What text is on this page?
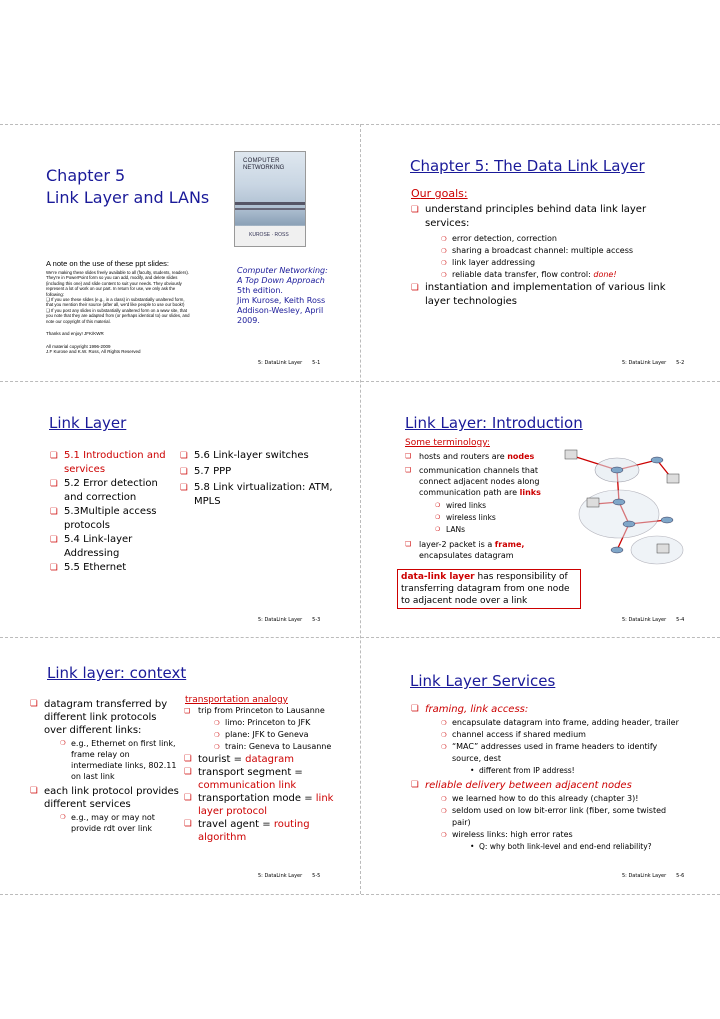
Chapter 5
Link Layer and LANs
COMPUTER
NETWORKING
KUROSE · ROSS
Computer Networking:
A Top Down Approach
5th edition.
Jim Kurose, Keith Ross
Addison-Wesley, April
2009.
A note on the use of these ppt slides:
We're making these slides freely available to all (faculty, students, readers).
They're in PowerPoint form so you can add, modify, and delete slides
(including this one) and slide content to suit your needs. They obviously
represent a lot of work on our part. In return for use, we only ask the
following:
❑ If you use these slides (e.g., in a class) in substantially unaltered form,
that you mention their source (after all, we'd like people to use our book!)
❑ If you post any slides in substantially unaltered form on a www site, that
you note that they are adapted from (or perhaps identical to) our slides, and
note our copyright of this material.
Thanks and enjoy! JFK/KWR
All material copyright 1996-2009
J.F Kurose and K.W. Ross, All Rights Reserved
5: DataLink Layer 5-1
Chapter 5: The Data Link Layer
Our goals:
❏ understand principles behind data link layer services:
❍ error detection, correction
❍ sharing a broadcast channel: multiple access
❍ link layer addressing
❍ reliable data transfer, flow control: done!
❏ instantiation and implementation of various link layer technologies
5: DataLink Layer 5-2
Link Layer
❏ 5.1 Introduction and services
❏ 5.2 Error detection and correction
❏ 5.3Multiple access protocols
❏ 5.4 Link-layer Addressing
❏ 5.5 Ethernet
❏ 5.6 Link-layer switches
❏ 5.7 PPP
❏ 5.8 Link virtualization: ATM, MPLS
5: DataLink Layer 5-3
Link Layer: Introduction
Some terminology:
❏ hosts and routers are nodes
❏ communication channels that connect adjacent nodes along communication path are links
❍ wired links
❍ wireless links
❍ LANs
❏ layer-2 packet is a frame, encapsulates datagram
data-link layer has responsibility of transferring datagram from one node to adjacent node over a link
5: DataLink Layer 5-4
Link layer: context
❏ datagram transferred by different link protocols over different links:
❍ e.g., Ethernet on first link, frame relay on intermediate links, 802.11 on last link
❏ each link protocol provides different services
❍ e.g., may or may not provide rdt over link
transportation analogy
❏ trip from Princeton to Lausanne
❍ limo: Princeton to JFK
❍ plane: JFK to Geneva
❍ train: Geneva to Lausanne
❏ tourist = datagram
❏ transport segment = communication link
❏ transportation mode = link layer protocol
❏ travel agent = routing algorithm
5: DataLink Layer 5-5
Link Layer Services
❏ framing, link access:
❍ encapsulate datagram into frame, adding header, trailer
❍ channel access if shared medium
❍ “MAC” addresses used in frame headers to identify source, dest
• different from IP address!
❏ reliable delivery between adjacent nodes
❍ we learned how to do this already (chapter 3)!
❍ seldom used on low bit-error link (fiber, some twisted pair)
❍ wireless links: high error rates
• Q: why both link-level and end-end reliability?
5: DataLink Layer 5-6
